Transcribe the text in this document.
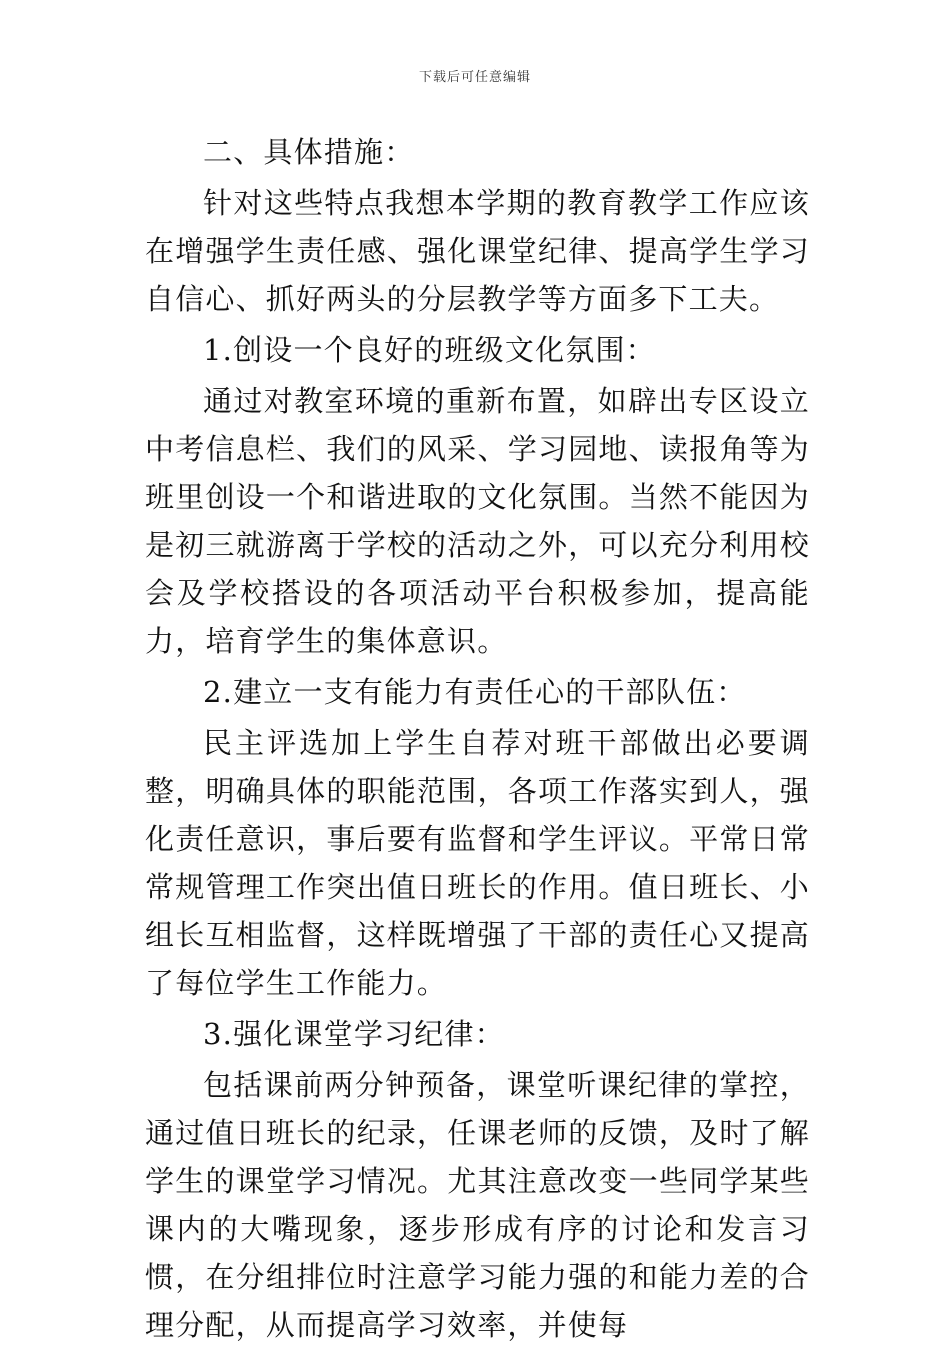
下载后可任意编辑

二、具体措施：

针对这些特点我想本学期的教育教学工作应该在增强学生责任感、强化课堂纪律、提高学生学习自信心、抓好两头的分层教学等方面多下工夫。

1.创设一个良好的班级文化氛围：

通过对教室环境的重新布置，如辟出专区设立中考信息栏、我们的风采、学习园地、读报角等为班里创设一个和谐进取的文化氛围。当然不能因为是初三就游离于学校的活动之外，可以充分利用校会及学校搭设的各项活动平台积极参加，提高能力，培育学生的集体意识。

2.建立一支有能力有责任心的干部队伍：

民主评选加上学生自荐对班干部做出必要调整，明确具体的职能范围，各项工作落实到人，强化责任意识，事后要有监督和学生评议。平常日常常规管理工作突出值日班长的作用。值日班长、小组长互相监督，这样既增强了干部的责任心又提高了每位学生工作能力。

3.强化课堂学习纪律：

包括课前两分钟预备，课堂听课纪律的掌控，通过值日班长的纪录，任课老师的反馈，及时了解学生的课堂学习情况。尤其注意改变一些同学某些课内的大嘴现象，逐步形成有序的讨论和发言习惯，在分组排位时注意学习能力强的和能力差的合理分配，从而提高学习效率，并使每
